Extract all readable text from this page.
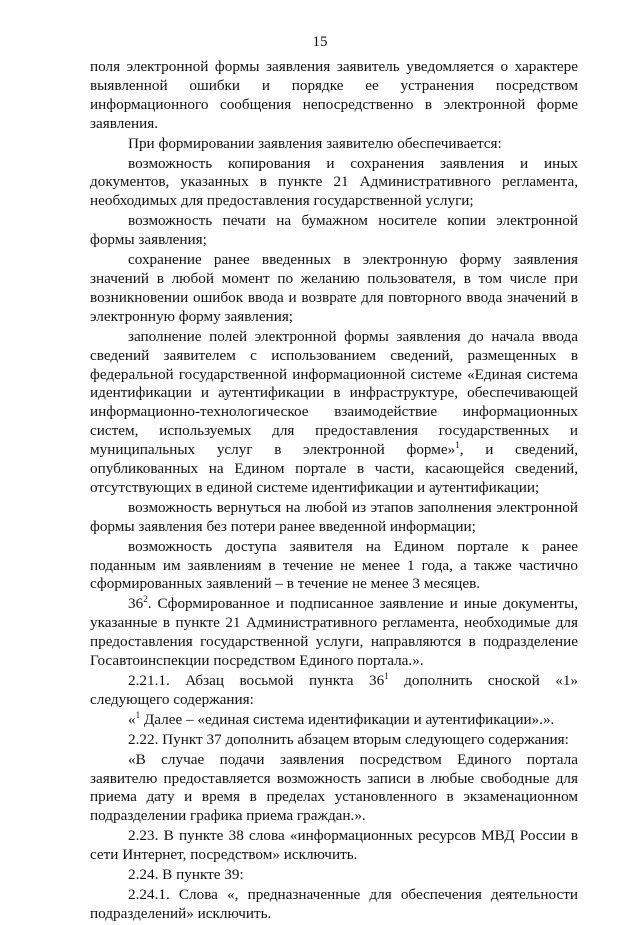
15

поля электронной формы заявления заявитель уведомляется о характере выявленной ошибки и порядке ее устранения посредством информационного сообщения непосредственно в электронной форме заявления.

При формировании заявления заявителю обеспечивается:

возможность копирования и сохранения заявления и иных документов, указанных в пункте 21 Административного регламента, необходимых для предоставления государственной услуги;

возможность печати на бумажном носителе копии электронной формы заявления;

сохранение ранее введенных в электронную форму заявления значений в любой момент по желанию пользователя, в том числе при возникновении ошибок ввода и возврате для повторного ввода значений в электронную форму заявления;

заполнение полей электронной формы заявления до начала ввода сведений заявителем с использованием сведений, размещенных в федеральной государственной информационной системе «Единая система идентификации и аутентификации в инфраструктуре, обеспечивающей информационно-технологическое взаимодействие информационных систем, используемых для предоставления государственных и муниципальных услуг в электронной форме»$^1$, и сведений, опубликованных на Едином портале в части, касающейся сведений, отсутствующих в единой системе идентификации и аутентификации;

возможность вернуться на любой из этапов заполнения электронной формы заявления без потери ранее введенной информации;

возможность доступа заявителя на Едином портале к ранее поданным им заявлениям в течение не менее 1 года, а также частично сформированных заявлений – в течение не менее 3 месяцев.

$36^2$. Сформированное и подписанное заявление и иные документы, указанные в пункте 21 Административного регламента, необходимые для предоставления государственной услуги, направляются в подразделение Госавтоинспекции посредством Единого портала.».

2.21.1. Абзац восьмой пункта $36^1$ дополнить сноской «1» следующего содержания:

«$^1$ Далее – «единая система идентификации и аутентификации».».

2.22. Пункт 37 дополнить абзацем вторым следующего содержания:

«В случае подачи заявления посредством Единого портала заявителю предоставляется возможность записи в любые свободные для приема дату и время в пределах установленного в экзаменационном подразделении графика приема граждан.».

2.23. В пункте 38 слова «информационных ресурсов МВД России в сети Интернет, посредством» исключить.

2.24. В пункте 39:

2.24.1. Слова «, предназначенные для обеспечения деятельности подразделений» исключить.
